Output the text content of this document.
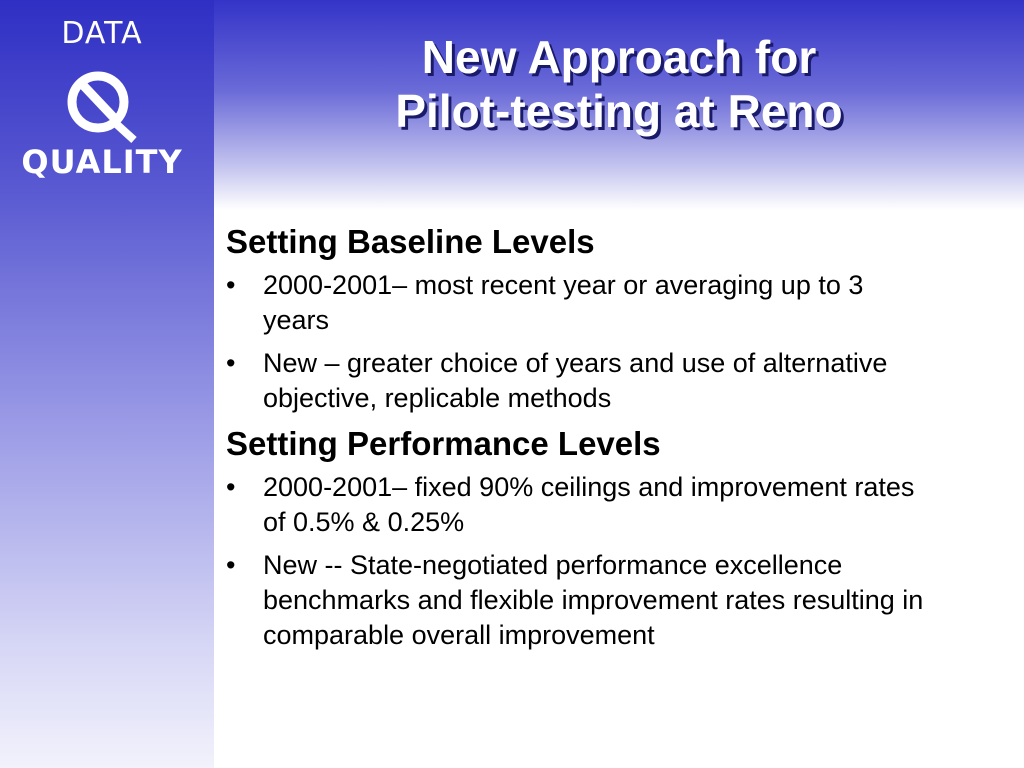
DATA
QUALITY
New Approach for
Pilot-testing at Reno
Setting Baseline Levels
•	2000-2001– most recent year or averaging up to 3 years
•	New – greater choice of years and use of alternative objective, replicable methods
Setting Performance Levels
•	2000-2001– fixed 90% ceilings and improvement rates of 0.5% & 0.25%
•	New -- State-negotiated performance excellence benchmarks and flexible improvement rates resulting in comparable overall improvement
